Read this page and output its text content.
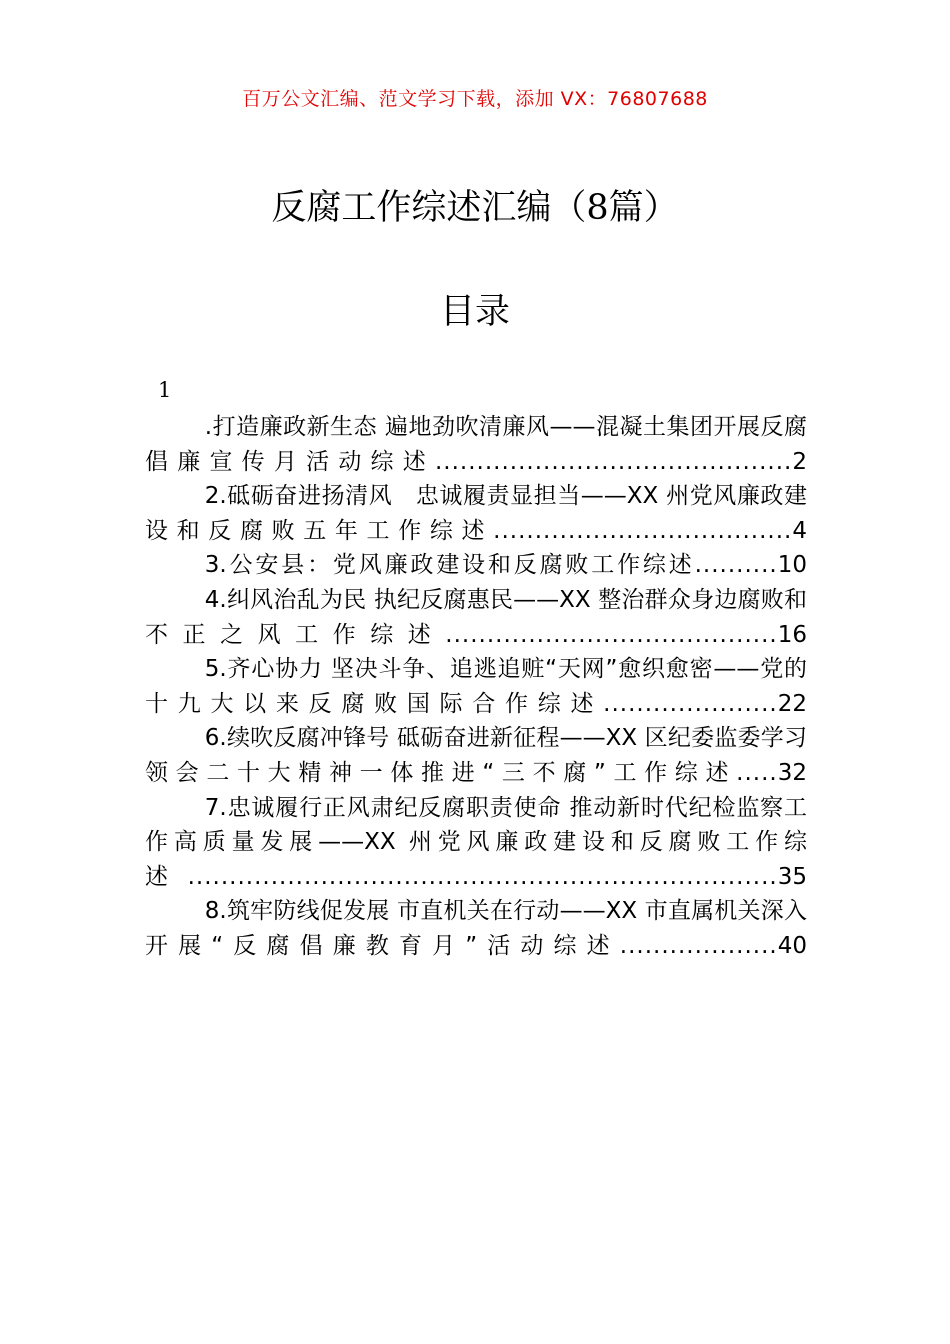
百万公文汇编、范文学习下载，添加 VX：76807688
反腐工作综述汇编（8篇）
目录
1
.打造廉政新生态 遍地劲吹清廉风——混凝土集团开展反腐倡廉宣传月活动综述...........................................2
2.砥砺奋进扬清风　忠诚履责显担当——XX 州党风廉政建设和反腐败五年工作综述....................................4
3.公安县：党风廉政建设和反腐败工作综述..........10
4.纠风治乱为民 执纪反腐惠民——XX 整治群众身边腐败和不正之风工作综述........................................16
5.齐心协力 坚决斗争、追逃追赃“天网”愈织愈密——党的十九大以来反腐败国际合作综述.....................22
6.续吹反腐冲锋号 砥砺奋进新征程——XX 区纪委监委学习领会二十大精神一体推进“三不腐”工作综述.....32
7.忠诚履行正风肃纪反腐职责使命 推动新时代纪检监察工作高质量发展——XX 州党风廉政建设和反腐败工作综述.......................................................................35
8.筑牢防线促发展 市直机关在行动——XX 市直属机关深入开展“反腐倡廉教育月”活动综述...................40
